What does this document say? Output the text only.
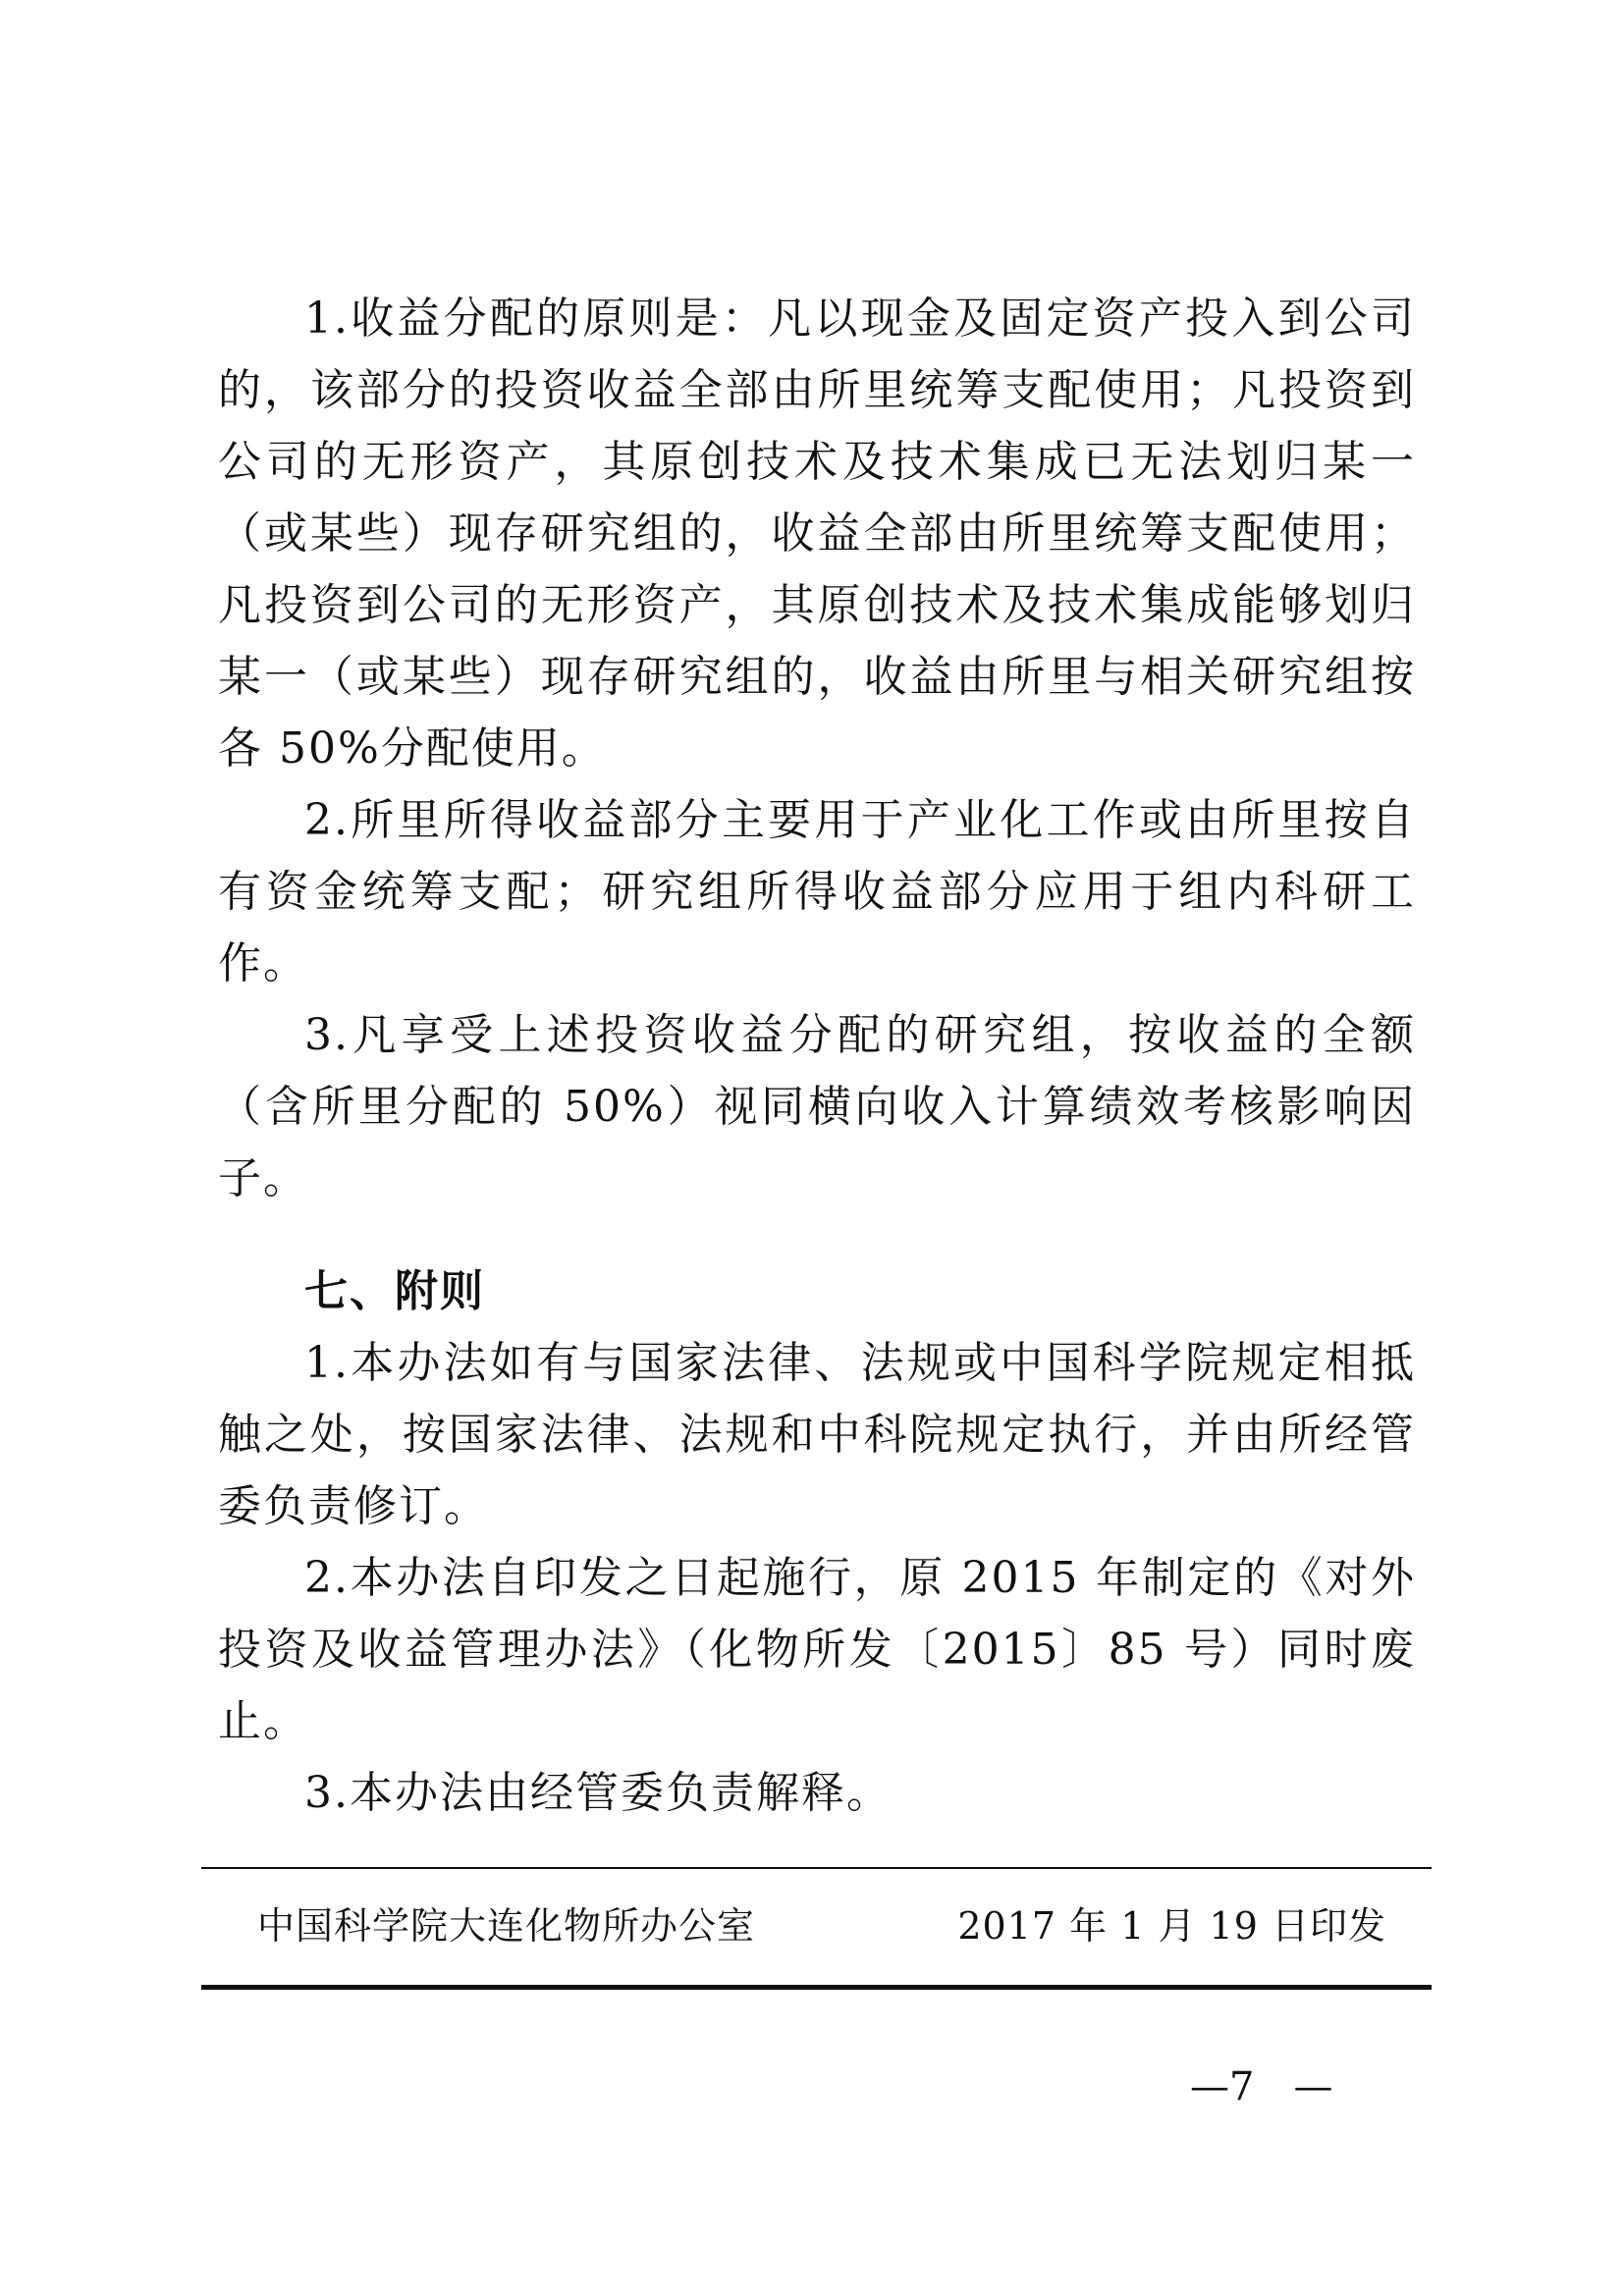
1.收益分配的原则是：凡以现金及固定资产投入到公司的，该部分的投资收益全部由所里统筹支配使用；凡投资到公司的无形资产，其原创技术及技术集成已无法划归某一（或某些）现存研究组的，收益全部由所里统筹支配使用；凡投资到公司的无形资产，其原创技术及技术集成能够划归某一（或某些）现存研究组的，收益由所里与相关研究组按各 50%分配使用。

2.所里所得收益部分主要用于产业化工作或由所里按自有资金统筹支配；研究组所得收益部分应用于组内科研工作。

3.凡享受上述投资收益分配的研究组，按收益的全额（含所里分配的 50%）视同横向收入计算绩效考核影响因子。

七、附则

1.本办法如有与国家法律、法规或中国科学院规定相抵触之处，按国家法律、法规和中科院规定执行，并由所经管委负责修订。

2.本办法自印发之日起施行，原 2015 年制定的《对外投资及收益管理办法》（化物所发〔2015〕85 号）同时废止。

3.本办法由经管委负责解释。

中国科学院大连化物所办公室	2017 年 1 月 19 日印发
—7　—
